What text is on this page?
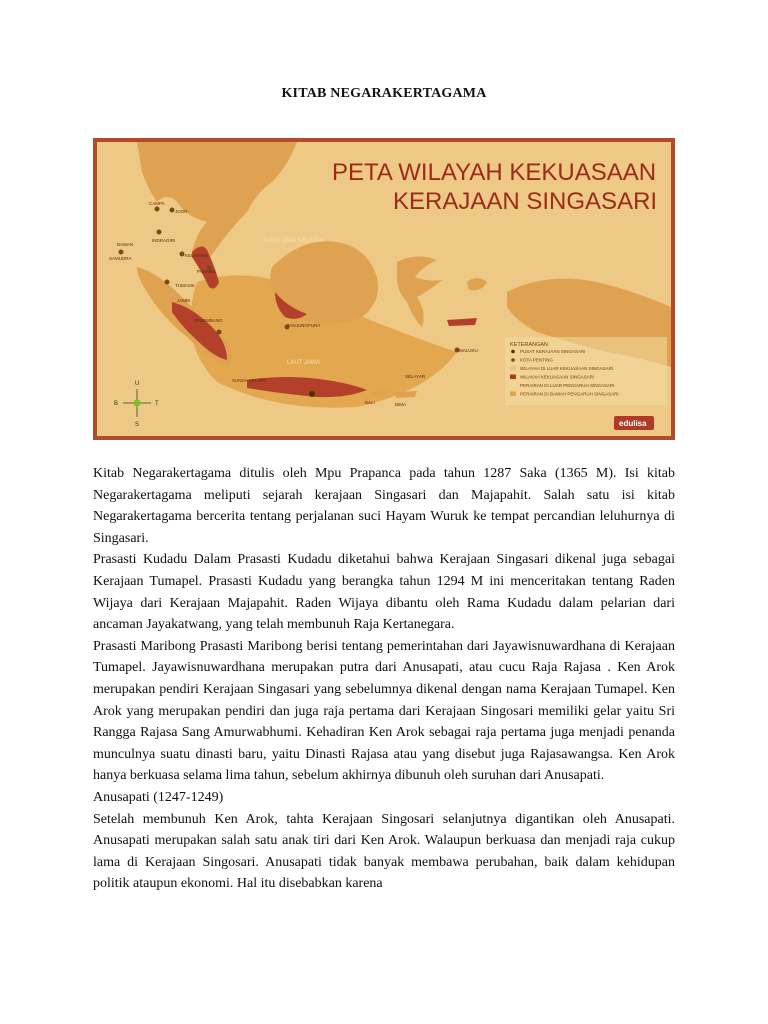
KITAB NEGARAKERTAGAMA
CAMPA
JOOR
INDRAGIRI
BAWAN
SAMUDRA
KELANTAN
PAHANG
JAMBI
TUMASIK
PALEMBANG
TANJUNGPURA
SUNDA KELAPA
BALI
MALUKU
SELAYAR
BIMA
LAUT CINA SELATAN
LAUT JAWA
PETA WILAYAH KEKUASAAN
KERAJAAN SINGASARI
U
B	T
S
KETERANGAN
PUSAT KERAJAAN SINGASARI
KOTA PENTING
WILAYAH DI LUAR KEKUASAAN SINGASARI
WILAYAH KEKUASAAN SINGASARI
PERAIRAN DI LUAR PENGARUH SINGASARI
PERAIRAN DI BAWAH PENGARUH SINGASARI
edulisa

Kitab Negarakertagama ditulis oleh Mpu Prapanca pada tahun 1287 Saka (1365 M). Isi kitab Negarakertagama meliputi sejarah kerajaan Singasari dan Majapahit. Salah satu isi kitab Negarakertagama bercerita tentang perjalanan suci Hayam Wuruk ke tempat percandian leluhurnya di Singasari.

Prasasti Kudadu Dalam Prasasti Kudadu diketahui bahwa Kerajaan Singasari dikenal juga sebagai Kerajaan Tumapel. Prasasti Kudadu yang berangka tahun 1294 M ini menceritakan tentang Raden Wijaya dari Kerajaan Majapahit. Raden Wijaya dibantu oleh Rama Kudadu dalam pelarian dari ancaman Jayakatwang, yang telah membunuh Raja Kertanegara.

Prasasti Maribong Prasasti Maribong berisi tentang pemerintahan dari Jayawisnuwardhana di Kerajaan Tumapel. Jayawisnuwardhana merupakan putra dari Anusapati, atau cucu Raja Rajasa . Ken Arok merupakan pendiri Kerajaan Singasari yang sebelumnya dikenal dengan nama Kerajaan Tumapel. Ken Arok yang merupakan pendiri dan juga raja pertama dari Kerajaan Singosari memiliki gelar yaitu Sri Rangga Rajasa Sang Amurwabhumi. Kehadiran Ken Arok sebagai raja pertama juga menjadi penanda munculnya suatu dinasti baru, yaitu Dinasti Rajasa atau yang disebut juga Rajasawangsa. Ken Arok hanya berkuasa selama lima tahun, sebelum akhirnya dibunuh oleh suruhan dari Anusapati.

Anusapati (1247-1249)

Setelah membunuh Ken Arok, tahta Kerajaan Singosari selanjutnya digantikan oleh Anusapati. Anusapati merupakan salah satu anak tiri dari Ken Arok. Walaupun berkuasa dan menjadi raja cukup lama di Kerajaan Singosari. Anusapati tidak banyak membawa perubahan, baik dalam kehidupan politik ataupun ekonomi. Hal itu disebabkan karena
